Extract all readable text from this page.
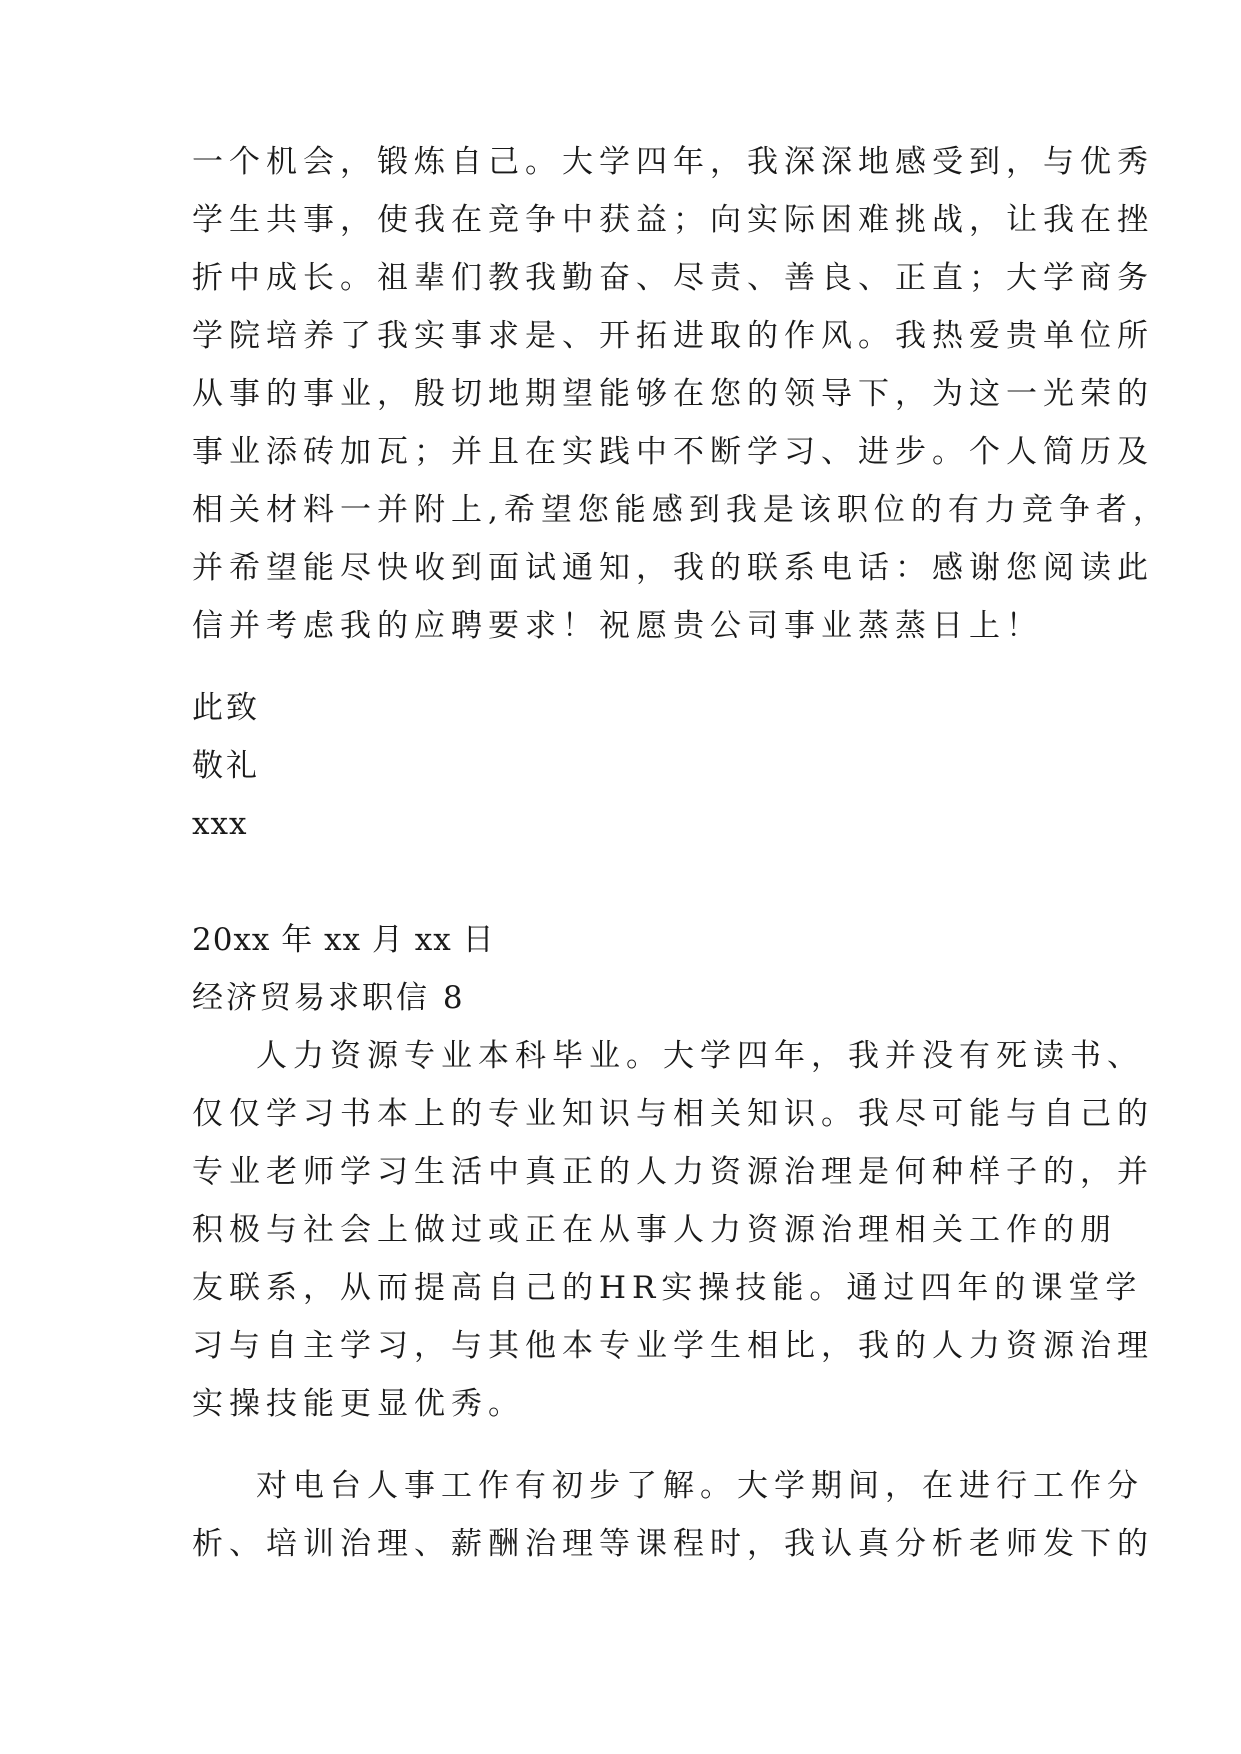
一个机会，锻炼自己。大学四年，我深深地感受到，与优秀
学生共事，使我在竞争中获益；向实际困难挑战，让我在挫
折中成长。祖辈们教我勤奋、尽责、善良、正直；大学商务
学院培养了我实事求是、开拓进取的作风。我热爱贵单位所
从事的事业，殷切地期望能够在您的领导下，为这一光荣的
事业添砖加瓦；并且在实践中不断学习、进步。个人简历及
相关材料一并附上,希望您能感到我是该职位的有力竞争者，
并希望能尽快收到面试通知，我的联系电话：感谢您阅读此
信并考虑我的应聘要求！祝愿贵公司事业蒸蒸日上！
此致
敬礼
xxx
20xx 年 xx 月 xx 日
经济贸易求职信 8
人力资源专业本科毕业。大学四年，我并没有死读书、
仅仅学习书本上的专业知识与相关知识。我尽可能与自己的
专业老师学习生活中真正的人力资源治理是何种样子的，并
积极与社会上做过或正在从事人力资源治理相关工作的朋
友联系，从而提高自己的HR实操技能。通过四年的课堂学
习与自主学习，与其他本专业学生相比，我的人力资源治理
实操技能更显优秀。
对电台人事工作有初步了解。大学期间，在进行工作分
析、培训治理、薪酬治理等课程时，我认真分析老师发下的
